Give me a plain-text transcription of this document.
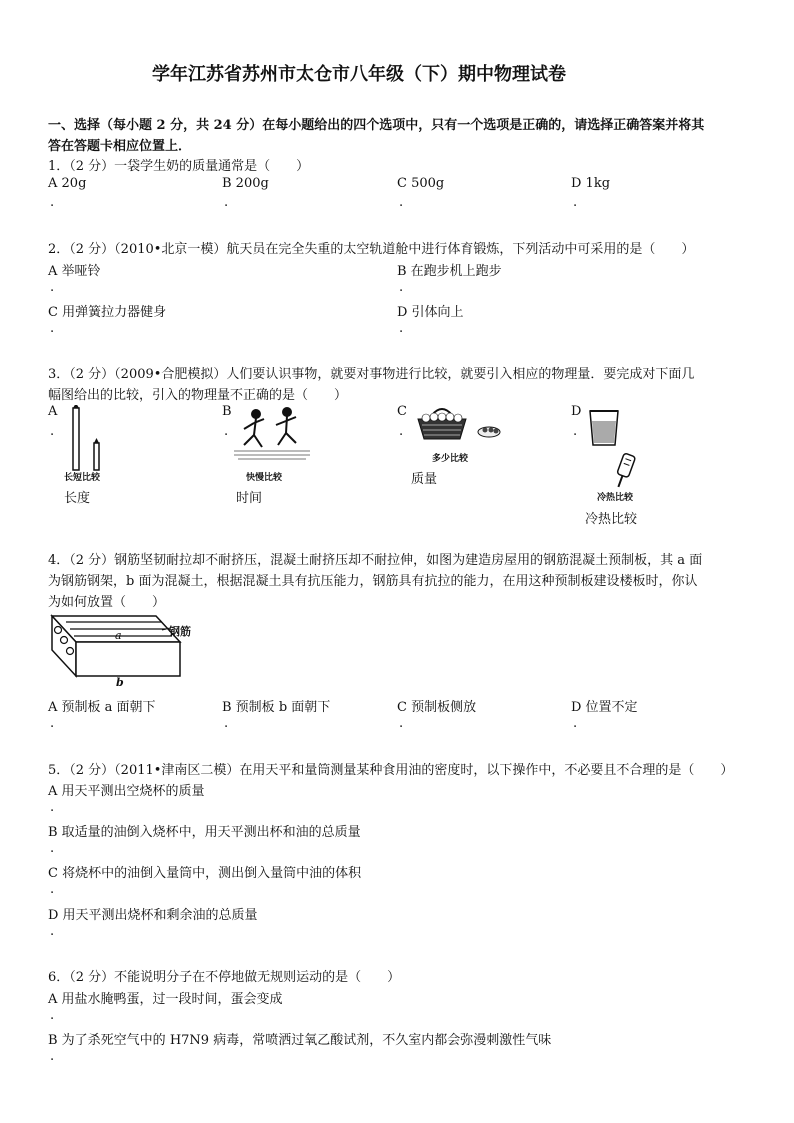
学年江苏省苏州市太仓市八年级（下）期中物理试卷
一、选择（每小题 2 分，共 24 分）在每小题给出的四个选项中，只有一个选项是正确的，请选择正确答案并将其
答在答题卡相应位置上．
1．（2 分）一袋学生奶的质量通常是（　　）
A 20g	B 200g	C 500g	D 1kg
.	.	.	.
2．（2 分）（2010•北京一模）航天员在完全失重的太空轨道舱中进行体育锻炼，下列活动中可采用的是（　　）
A 举哑铃	B 在跑步机上跑步
.	.
C 用弹簧拉力器健身	D 引体向上
.	.
3．（2 分）（2009•合肥模拟）人们要认识事物，就要对事物进行比较，就要引入相应的物理量．要完成对下面几
幅图给出的比较，引入的物理量不正确的是（　　）
A	B	C	D
.	.	.	.
长短比较
长度
快慢比较
时间
多少比较
质量
冷热比较
冷热比较
4．（2 分）钢筋坚韧耐拉却不耐挤压，混凝土耐挤压却不耐拉伸，如图为建造房屋用的钢筋混凝土预制板，其 a 面
为钢筋钢架，b 面为混凝土，根据混凝土具有抗压能力，钢筋具有抗拉的能力，在用这种预制板建设楼板时，你认
为如何放置（　　）
钢筋
a
b
A 预制板 a 面朝下	B 预制板 b 面朝下	C 预制板侧放	D 位置不定
.	.	.	.
5．（2 分）（2011•津南区二模）在用天平和量筒测量某种食用油的密度时，以下操作中，不必要且不合理的是（　　）
A 用天平测出空烧杯的质量
.
B 取适量的油倒入烧杯中，用天平测出杯和油的总质量
.
C 将烧杯中的油倒入量筒中，测出倒入量筒中油的体积
.
D 用天平测出烧杯和剩余油的总质量
.
6．（2 分）不能说明分子在不停地做无规则运动的是（　　）
A 用盐水腌鸭蛋，过一段时间，蛋会变成
.
B 为了杀死空气中的 H7N9 病毒，常喷洒过氧乙酸试剂，不久室内都会弥漫刺激性气味
.
